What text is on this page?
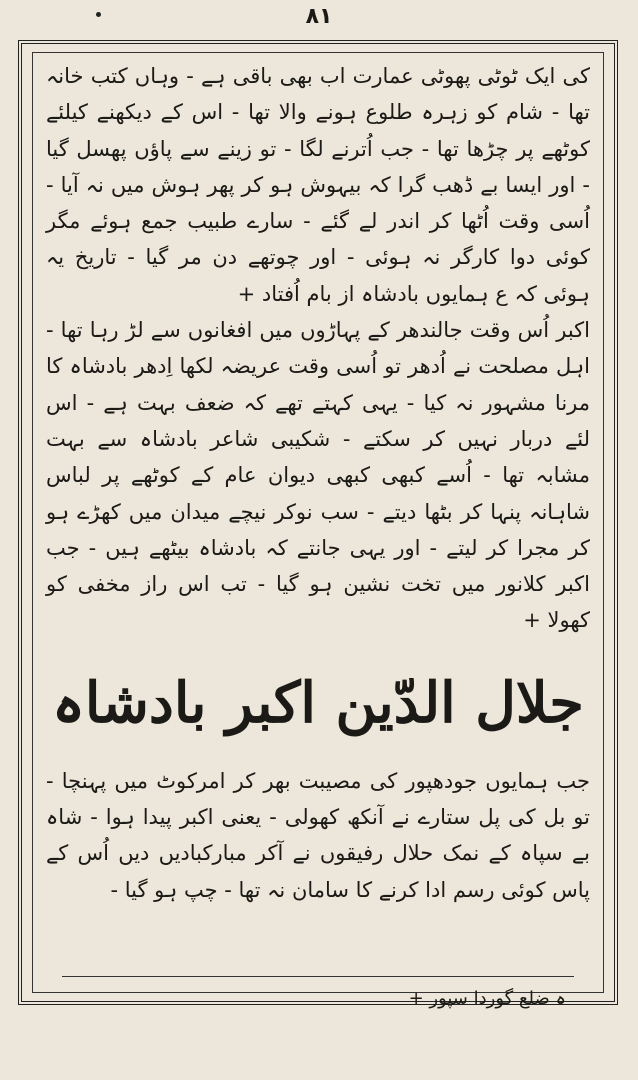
۸۱

کی ایک ٹوٹی پھوٹی عمارت اب بھی باقی ہے - وہاں کتب خانہ تھا - شام کو زہرہ طلوع ہونے والا تھا - اس کے دیکھنے کیلئے کوٹھے پر چڑھا تھا - جب اُترنے لگا - تو زینے سے پاؤں پھسل گیا - اور ایسا بے ڈھب گرا کہ بیہوش ہو کر پھر ہوش میں نہ آیا - اُسی وقت اُٹھا کر اندر لے گئے - سارے طبیب جمع ہوئے مگر کوئی دوا کارگر نہ ہوئی - اور چوتھے دن مر گیا - تاریخ یہ ہوئی کہ ع ہمایوں بادشاہ از بام اُفتاد +

اکبر اُس وقت جالندھر کے پہاڑوں میں افغانوں سے لڑ رہا تھا - اہل مصلحت نے اُدھر تو اُسی وقت عریضہ لکھا اِدھر بادشاہ کا مرنا مشہور نہ کیا - یہی کہتے تھے کہ ضعف بہت ہے - اس لئے دربار نہیں کر سکتے - شکیبی شاعر بادشاہ سے بہت مشابہ تھا - اُسے کبھی کبھی دیوان عام کے کوٹھے پر لباس شاہانہ پنہا کر بٹھا دیتے - سب نوکر نیچے میدان میں کھڑے ہو کر مجرا کر لیتے - اور یہی جانتے کہ بادشاہ بیٹھے ہیں - جب اکبر کلانور میں تخت نشین ہو گیا - تب اس راز مخفی کو کھولا +

جلال الدّین اکبر بادشاہ

جب ہمایوں جودھپور کی مصیبت بھر کر امرکوٹ میں پہنچا - تو بل کی پل ستارے نے آنکھ کھولی - یعنی اکبر پیدا ہوا - شاہ بے سپاہ کے نمک حلال رفیقوں نے آکر مبارکبادیں دیں اُس کے پاس کوئی رسم ادا کرنے کا سامان نہ تھا - چپ ہو گیا -

ہ ضلع گوردا سپور +
